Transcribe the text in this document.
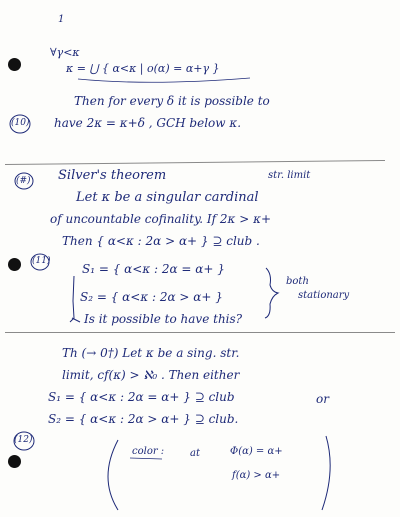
1
∀γ<κ
κ = ⋃ { α<κ | o(α) = α+γ }
Then for every δ it is possible to
have 2κ = κ+δ , GCH below κ.
(10)
(#) Silver's theorem	str. limit
Let κ be a singular cardinal
of uncountable cofinality. If 2κ > κ+
Then { α<κ : 2α > α+ } ⊇ club .
(11)
S₁ = { α<κ : 2α = α+ }
S₂ = { α<κ : 2α > α+ }
both
stationary
Is it possible to have this?
Th (→ 0†) Let κ be a sing. str.
limit, cf(κ) > ℵ₀ . Then either
S₁ = { α<κ : 2α = α+ } ⊇ club	or
S₂ = { α<κ : 2α > α+ } ⊇ club.
(12)
color :	at	Φ(α) = α+
f(α) > α+
